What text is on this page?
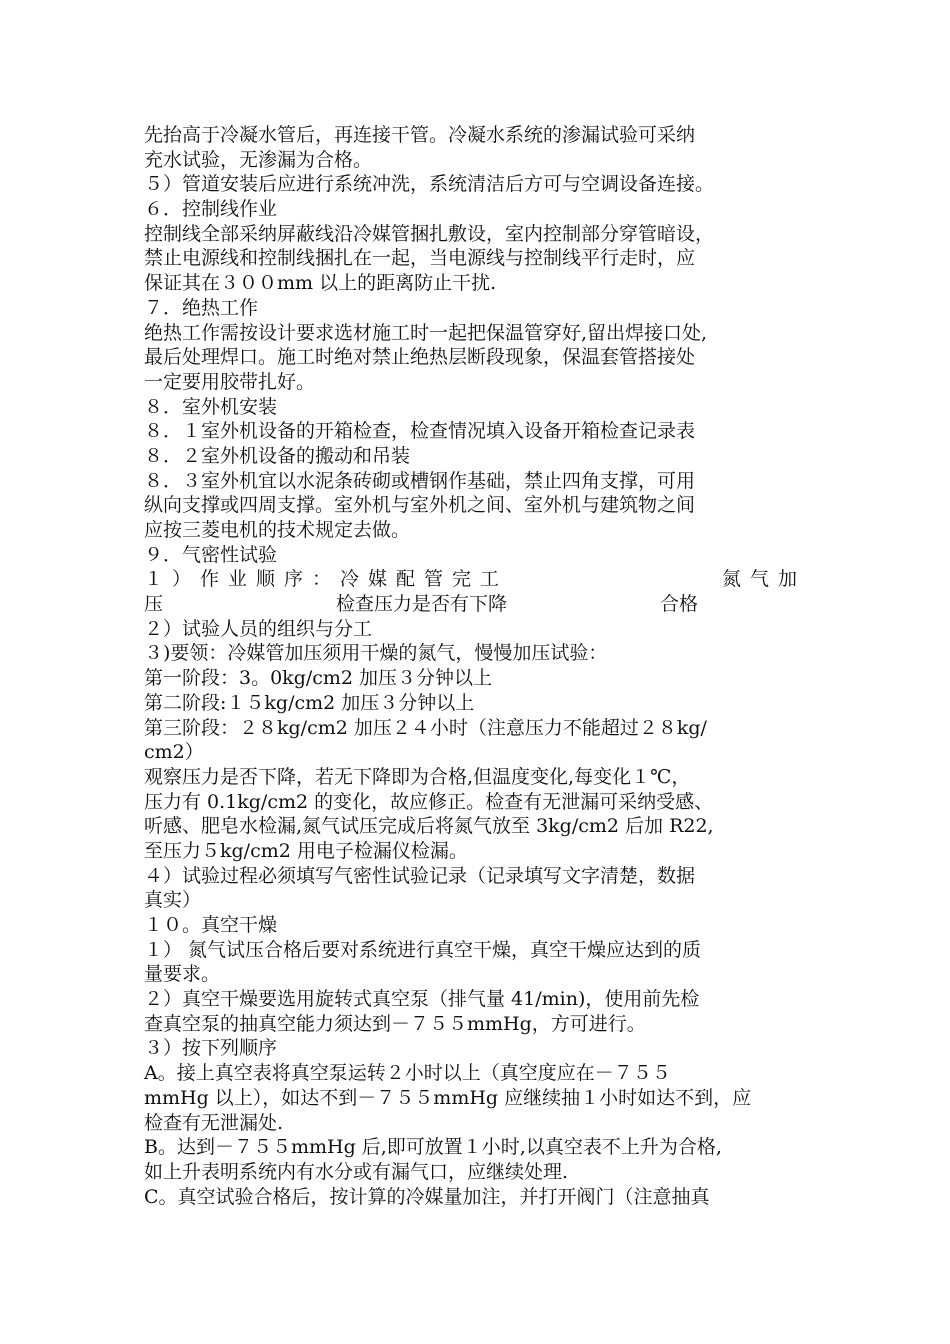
先抬高于冷凝水管后，再连接干管。冷凝水系统的渗漏试验可采纳
充水试验，无渗漏为合格。
５）管道安装后应进行系统冲洗，系统清洁后方可与空调设备连接。
６．控制线作业
控制线全部采纳屏蔽线沿冷媒管捆扎敷设，室内控制部分穿管暗设，
禁止电源线和控制线捆扎在一起，当电源线与控制线平行走时，应
保证其在３００mm 以上的距离防止干扰.
７．绝热工作
绝热工作需按设计要求选材施工时一起把保温管穿好,留出焊接口处,
最后处理焊口。施工时绝对禁止绝热层断段现象，保温套管搭接处
一定要用胶带扎好。
８．室外机安装
８．１室外机设备的开箱检查，检查情况填入设备开箱检查记录表
８．２室外机设备的搬动和吊装
８．３室外机宜以水泥条砖砌或槽钢作基础，禁止四角支撑，可用
纵向支撑或四周支撑。室外机与室外机之间、室外机与建筑物之间
应按三菱电机的技术规定去做。
９．气密性试验
１）作业顺序：冷媒配管完工	氮气加
压	检查压力是否有下降	合格
２）试验人员的组织与分工
３)要领：冷媒管加压须用干燥的氮气，慢慢加压试验：
第一阶段：3。0kg/cm2 加压３分钟以上
第二阶段:１５kg/cm2 加压３分钟以上
第三阶段：２８kg/cm2 加压２４小时（注意压力不能超过２８kg/
cm2）
观察压力是否下降，若无下降即为合格,但温度变化,每变化１℃，
压力有 0.1kg/cm2 的变化，故应修正。检查有无泄漏可采纳受感、
听感、肥皂水检漏,氮气试压完成后将氮气放至 3kg/cm2 后加 R22,
至压力５kg/cm2 用电子检漏仪检漏。
４）试验过程必须填写气密性试验记录（记录填写文字清楚，数据
真实）
１０。真空干燥
１） 氮气试压合格后要对系统进行真空干燥，真空干燥应达到的质
量要求。
２）真空干燥要选用旋转式真空泵（排气量 41/min)，使用前先检
查真空泵的抽真空能力须达到－７５５mmHg，方可进行。
３）按下列顺序
A。接上真空表将真空泵运转２小时以上（真空度应在－７５５
mmHg 以上），如达不到－７５５mmHg 应继续抽１小时如达不到，应
检查有无泄漏处.
B。达到－７５５mmHg 后,即可放置１小时,以真空表不上升为合格,
如上升表明系统内有水分或有漏气口，应继续处理.
C。真空试验合格后，按计算的冷媒量加注，并打开阀门（注意抽真
